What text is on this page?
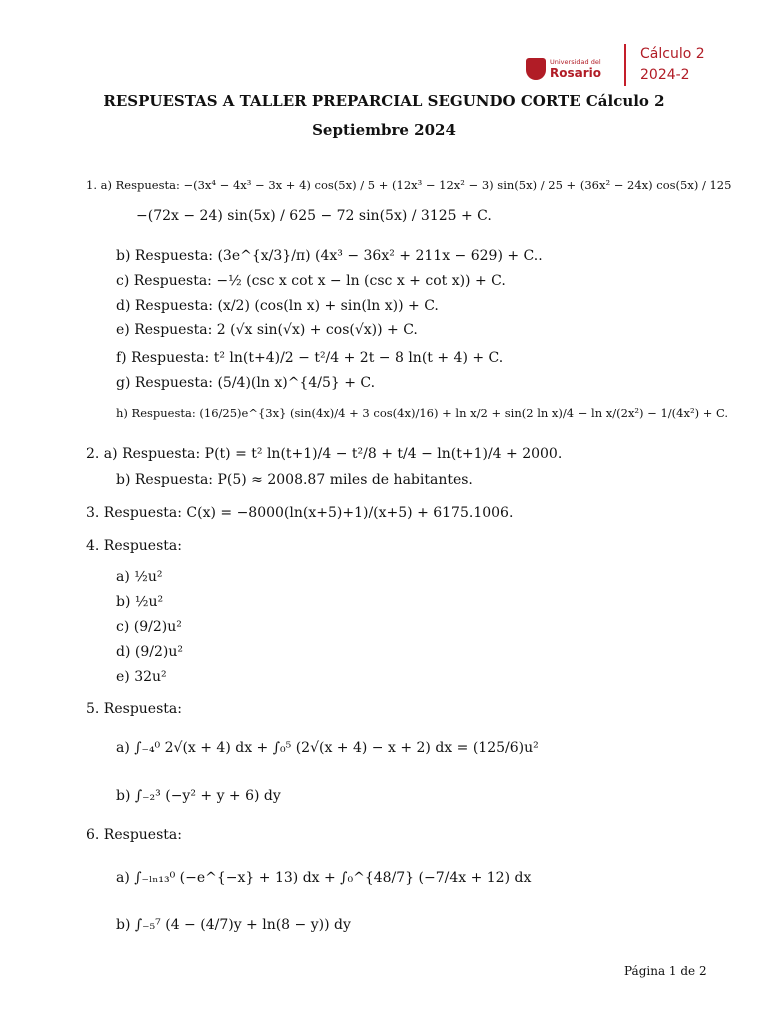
Universidad del
Rosario
Cálculo 2
2024-2
RESPUESTAS A TALLER PREPARCIAL SEGUNDO CORTE Cálculo 2
Septiembre 2024
1. a) Respuesta: −(3x⁴ − 4x³ − 3x + 4) cos(5x) / 5 + (12x³ − 12x² − 3) sin(5x) / 25 + (36x² − 24x) cos(5x) / 125
−(72x − 24) sin(5x) / 625 − 72 sin(5x) / 3125 + C.
b) Respuesta: (3e^{x/3}/π) (4x³ − 36x² + 211x − 629) + C..
c) Respuesta: −½ (csc x cot x − ln (csc x + cot x)) + C.
d) Respuesta: (x/2) (cos(ln x) + sin(ln x)) + C.
e) Respuesta: 2 (√x sin(√x) + cos(√x)) + C.
f) Respuesta: t² ln(t+4)/2 − t²/4 + 2t − 8 ln(t + 4) + C.
g) Respuesta: (5/4)(ln x)^{4/5} + C.
h) Respuesta: (16/25)e^{3x} (sin(4x)/4 + 3 cos(4x)/16) + ln x/2 + sin(2 ln x)/4 − ln x/(2x²) − 1/(4x²) + C.
2. a) Respuesta: P(t) = t² ln(t+1)/4 − t²/8 + t/4 − ln(t+1)/4 + 2000.
b) Respuesta: P(5) ≈ 2008.87 miles de habitantes.
3. Respuesta: C(x) = −8000(ln(x+5)+1)/(x+5) + 6175.1006.
4. Respuesta:
a) ½u²
b) ½u²
c) (9/2)u²
d) (9/2)u²
e) 32u²
5. Respuesta:
a) ∫₋₄⁰ 2√(x + 4) dx + ∫₀⁵ (2√(x + 4) − x + 2) dx = (125/6)u²
b) ∫₋₂³ (−y² + y + 6) dy
6. Respuesta:
a) ∫₋ₗₙ₁₃⁰ (−e^{−x} + 13) dx + ∫₀^{48/7} (−7/4x + 12) dx
b) ∫₋₅⁷ (4 − (4/7)y + ln(8 − y)) dy
Página 1 de 2
